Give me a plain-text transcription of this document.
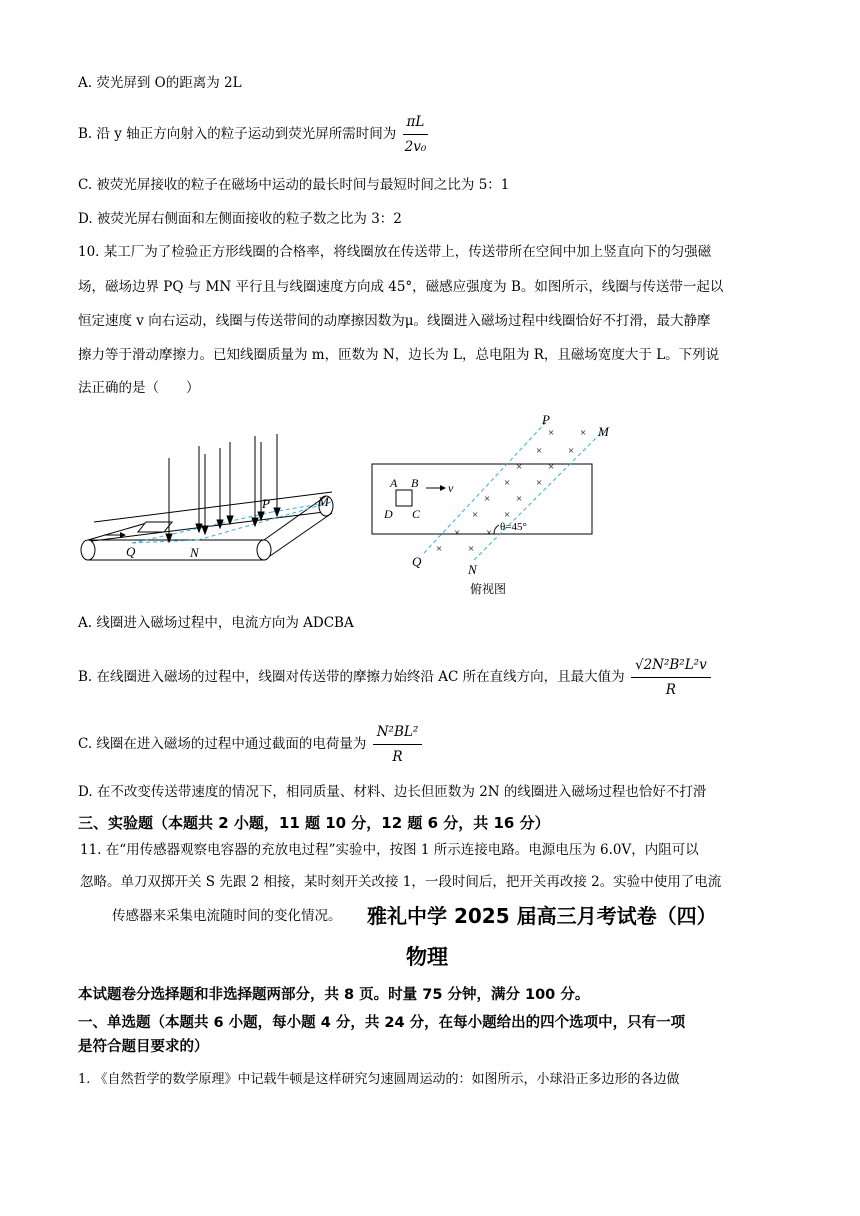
A. 荧光屏到 O的距离为 2L
B. 沿 y 轴正方向射入的粒子运动到荧光屏所需时间为 $\frac{\pi L}{\text{2v₀}}$
C. 被荧光屏接收的粒子在磁场中运动的最长时间与最短时间之比为 5：1
D. 被荧光屏右侧面和左侧面接收的粒子数之比为 3：2
10. 某工厂为了检验正方形线圈的合格率，将线圈放在传送带上，传送带所在空间中加上竖直向下的匀强磁
场，磁场边界 PQ 与 MN 平行且与线圈速度方向成 45°，磁感应强度为 B。如图所示，线圈与传送带一起以
恒定速度 v 向右运动，线圈与传送带间的动摩擦因数为μ。线圈进入磁场过程中线圈恰好不打滑，最大静摩
擦力等于滑动摩擦力。已知线圈质量为 m，匝数为 N，边长为 L，总电阻为 R，且磁场宽度大于 L。下列说
法正确的是（　　）
P	M
Q	N
A B
D C
v
× ×
× ×
× ×
× ×
× ×
× ×
× ×
× ×
θ=45°
P
M
Q
N
俯视图
A. 线圈进入磁场过程中，电流方向为 ADCBA
B. 在线圈进入磁场的过程中，线圈对传送带的摩擦力始终沿 AC 所在直线方向，且最大值为 $\frac{\text{√2N²B²L²v}}{R}$
C. 线圈在进入磁场的过程中通过截面的电荷量为 $\frac{\text{N²BL²}}{R}$
D. 在不改变传送带速度的情况下，相同质量、材料、边长但匝数为 2N 的线圈进入磁场过程也恰好不打滑
三、实验题（本题共 2 小题，11 题 10 分，12 题 6 分，共 16 分）
11. 在“用传感器观察电容器的充放电过程”实验中，按图 1 所示连接电路。电源电压为 6.0V，内阻可以
忽略。单刀双掷开关 S 先跟 2 相接，某时刻开关改接 1，一段时间后，把开关再改接 2。实验中使用了电流
传感器来采集电流随时间的变化情况。 雅礼中学 2025 届高三月考试卷（四）
物理
本试题卷分选择题和非选择题两部分，共 8 页。时量 75 分钟，满分 100 分。
一、单选题（本题共 6 小题，每小题 4 分，共 24 分，在每小题给出的四个选项中，只有一项
是符合题目要求的）
1. 《自然哲学的数学原理》中记载牛顿是这样研究匀速圆周运动的：如图所示，小球沿正多边形的各边做
